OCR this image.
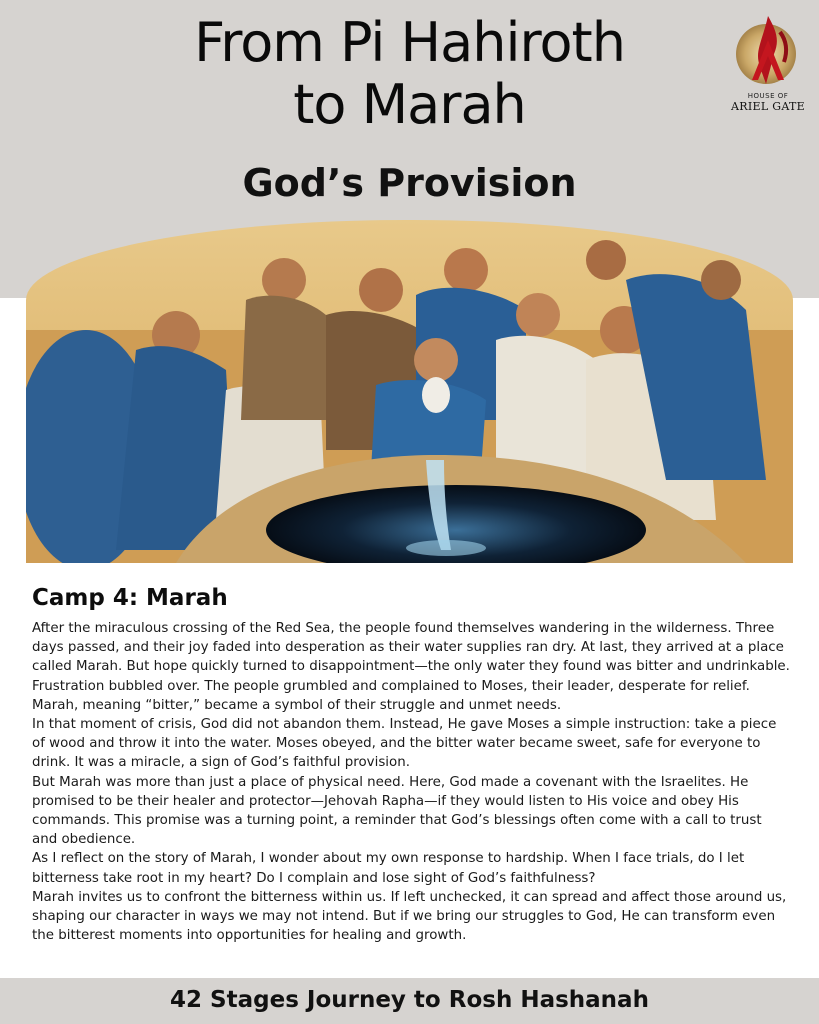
From Pi Hahiroth
to Marah
God’s Provision
HOUSE OF
ARIEL GATE
Camp 4: Marah

After the miraculous crossing of the Red Sea, the people found themselves wandering in the wilderness. Three days passed, and their joy faded into desperation as their water supplies ran dry. At last, they arrived at a place called Marah. But hope quickly turned to disappointment—the only water they found was bitter and undrinkable.

Frustration bubbled over. The people grumbled and complained to Moses, their leader, desperate for relief. Marah, meaning “bitter,” became a symbol of their struggle and unmet needs.

In that moment of crisis, God did not abandon them. Instead, He gave Moses a simple instruction: take a piece of wood and throw it into the water. Moses obeyed, and the bitter water became sweet, safe for everyone to drink. It was a miracle, a sign of God’s faithful provision.

But Marah was more than just a place of physical need. Here, God made a covenant with the Israelites. He promised to be their healer and protector—Jehovah Rapha—if they would listen to His voice and obey His commands. This promise was a turning point, a reminder that God’s blessings often come with a call to trust and obedience.

As I reflect on the story of Marah, I wonder about my own response to hardship. When I face trials, do I let bitterness take root in my heart? Do I complain and lose sight of God’s faithfulness?

Marah invites us to confront the bitterness within us. If left unchecked, it can spread and affect those around us, shaping our character in ways we may not intend. But if we bring our struggles to God, He can transform even the bitterest moments into opportunities for healing and growth.

42 Stages Journey to Rosh Hashanah
